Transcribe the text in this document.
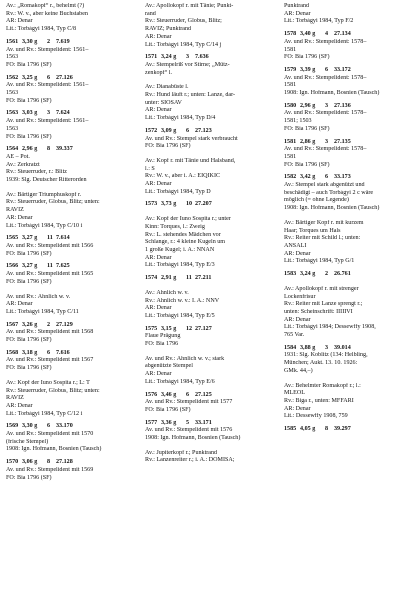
Av.: „Romakopf“ r., behelmt (?)
Rv.: W. v., aber keine Buchstaben
AR: Denar
Lit.: Torbágyi 1984, Typ C/8
1561 3,30 g 2 7.619
Av. und Rv.: Stempelident: 1561–
1563
FO: Bia 1796 (SF)
1562 3,25 g 6 27.126
Av. und Rv.: Stempelident: 1561–
1563
FO: Bia 1796 (SF)
1563 3,03 g 3 7.624
Av. und Rv.: Stempelident: 1561–
1563
FO: Bia 1796 (SF)
1564 2,96 g 8 39.337
AE – Pot.
Av.: Zerkratzt
Rv.: Steuerruder, r.: Blitz
1939: Slg. Deutscher Ritterorden
Av.: Bärtiger Triumphuskopf r.
Rv.: Steuerruder, Globus, Blitz; unten:
RAVIZ
AR: Denar
Lit.: Torbágyi 1984, Typ C/10 i
1565 3,27 g 11 7.614
Av. und Rv.: Stempelident mit 1566
FO: Bia 1796 (SF)
1566 3,27 g 11 7.625
Av. und Rv.: Stempelident mit 1565
FO: Bia 1796 (SF)
Av. und Rv.: Ähnlich w. v.
AR: Denar
Lit.: Torbágyi 1984, Typ C/11
1567 3,26 g 2 27.129
Av. und Rv.: Stempelident mit 1568
FO: Bia 1796 (SF)
1568 3,18 g 6 7.616
Av. und Rv.: Stempelident mit 1567
FO: Bia 1796 (SF)
Av.: Kopf der Iuno Sospita r.; L: T
Rv.: Steuerruder, Globus, Blitz; unten:
RAVIZ
AR: Denar
Lit.: Torbágyi 1984, Typ C/12 i
1569 3,30 g 6 33.170
Av. und Rv.: Stempelident mit 1570
(frische Stempel)
1908: Ign. Hofmann, Bosnien (Tausch)
1570 3,06 g 8 27.128
Av. und Rv.: Stempelident mit 1569
FO: Bia 1796 (SF)
Av.: Apollokopf r. mit Tänie; Punkt-
rand
Rv.: Steuerruder, Globus, Blitz;
RAVIZ; Punktrand
AR: Denar
Lit.: Torbágyi 1984, Typ C/14 j
1571 3,24 g 3 7.636
Av.: Stempelriß vor Stirne; „Mütz-
zenkopf“ l.
Av.: Dianabüste l.
Rv.: Hund läuft r.; unten: Lanze, dar-
unter: SIOSAV
AR: Denar
Lit.: Torbágyi 1984, Typ D/4
1572 3,09 g 6 27.123
Av. und Rv.: Stempel stark verbraucht
FO: Bia 1796 (SF)
Av.: Kopf r. mit Tänie und Halsband,
l.: S
Rv.: W. v., aber i. A.: EIQIKIC
AR: Denar
Lit.: Torbágyi 1984, Typ D
1573 3,73 g 10 27.207
Av.: Kopf der Iuno Sospita r.; unter
Kinn: Torques, l.: Zweig
Rv.: L. stehendes Mädchen vor
Schlange, r.: 4 kleine Kugeln um
1 große Kugel; i. A.: NNAN
AR: Denar
Lit.: Torbágyi 1984, Typ E/3
1574 2,91 g 11 27.211
Av.: Ähnlich w. v.
Rv.: Ähnlich w. v.: I. A.: NNV
AR: Denar
Lit.: Torbágyi 1984, Typ E/5
1575 3,15 g 12 27.127
Flaue Prägung
FO: Bia 1796
Av. und Rv.: Ähnlich w. v.; stark
abgenützte Stempel
AR: Denar
Lit.: Torbágyi 1984, Typ E/6
1576 3,46 g 6 27.125
Av. und Rv.: Stempelident mit 1577
FO: Bia 1796 (SF)
1577 3,36 g 5 33.171
Av. und Rv.: Stempelident mit 1576
1908: Ign. Hofmann, Bosnien (Tausch)
Av.: Jupiterkopf r.; Punktrand
Rv.: Lanzenreiter r.; i. A.: DOMISA;
Punktrand
AR: Denar
Lit.: Torbágyi 1984, Typ F/2
1578 3,40 g 4 27.134
Av. und Rv.: Stempelident: 1578–
1581
FO: Bia 1796 (SF)
1579 3,39 g 6 33.172
Av. und Rv.: Stempelident: 1578–
1581
1908: Ign. Hofmann, Bosnien (Tausch)
1580 2,96 g 3 27.136
Av. und Rv.: Stempelident: 1578–
1581; 1503
FO: Bia 1796 (SF)
1581 2,86 g 3 27.135
Av. und Rv.: Stempelident: 1578–
1581
FO: Bia 1796 (SF)
1582 3,42 g 6 33.173
Av.: Stempel stark abgenützt und
beschädigt – auch Torbágyi 2 c wäre
möglich (= ohne Legende)
1908: Ign. Hofmann, Bosnien (Tausch)
Av.: Bärtiger Kopf r. mit kurzem
Haar; Torques um Hals
Rv.: Reiter mit Schild l.; unten:
ANSALI
AR: Denar
Lit.: Torbágyi 1984, Typ G/1
1583 3,24 g 2 26.761
Av.: Apollokopf r. mit strenger
Lockenfrisur
Rv.: Reiter mit Lanze sprengt r.;
unten: Scheinschrift: IIIIIVI
AR: Denar
Lit.: Torbágyi 1984; Dessewffy 1908,
765 Var.
1584 3,88 g 3 39.014
1931: Slg. Koblitz (134: Helbling,
München; Aukt. 13. 10. 1926:
GMk. 44,–)
Av.: Behelmter Romakopf r.; l.:
MLEOL
Rv.: Biga r., unten: MFFARI
AR: Denar
Lit.: Dessewffy 1908, 759
1585 4,05 g 8 39.297
